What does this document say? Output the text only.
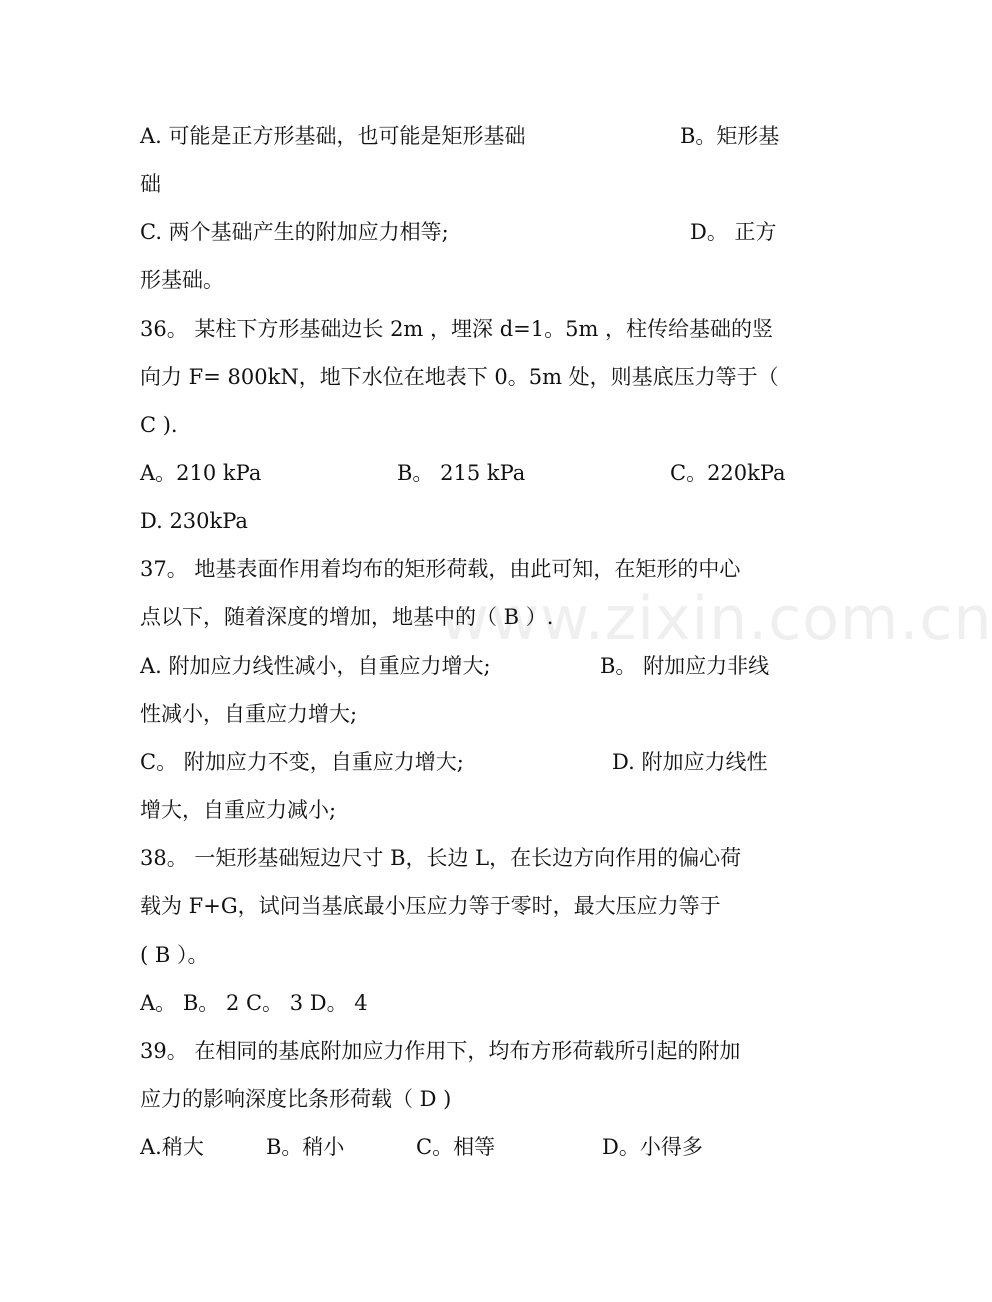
www.zixin.com.cn
A. 可能是正方形基础，也可能是矩形基础	B。矩形基
础
C. 两个基础产生的附加应力相等;	D。 正方
形基础。
36。 某柱下方形基础边长 2m ，埋深 d=1。5m ，柱传给基础的竖
向力 F= 800kN，地下水位在地表下 0。5m 处，则基底压力等于（
C ).
A。210 kPa	B。 215 kPa	C。220kPa
D. 230kPa
37。 地基表面作用着均布的矩形荷载，由此可知，在矩形的中心
点以下，随着深度的增加，地基中的（ B ）.
A. 附加应力线性减小，自重应力增大;	B。 附加应力非线
性减小，自重应力增大;
C。 附加应力不变，自重应力增大;	D. 附加应力线性
增大，自重应力减小;
38。 一矩形基础短边尺寸 B，长边 L，在长边方向作用的偏心荷
载为 F+G，试问当基底最小压应力等于零时，最大压应力等于
( B ）。
A。 B。 2 C。 3 D。 4
39。 在相同的基底附加应力作用下，均布方形荷载所引起的附加
应力的影响深度比条形荷载（ D )
A.稍大	B。稍小	C。相等	D。小得多
